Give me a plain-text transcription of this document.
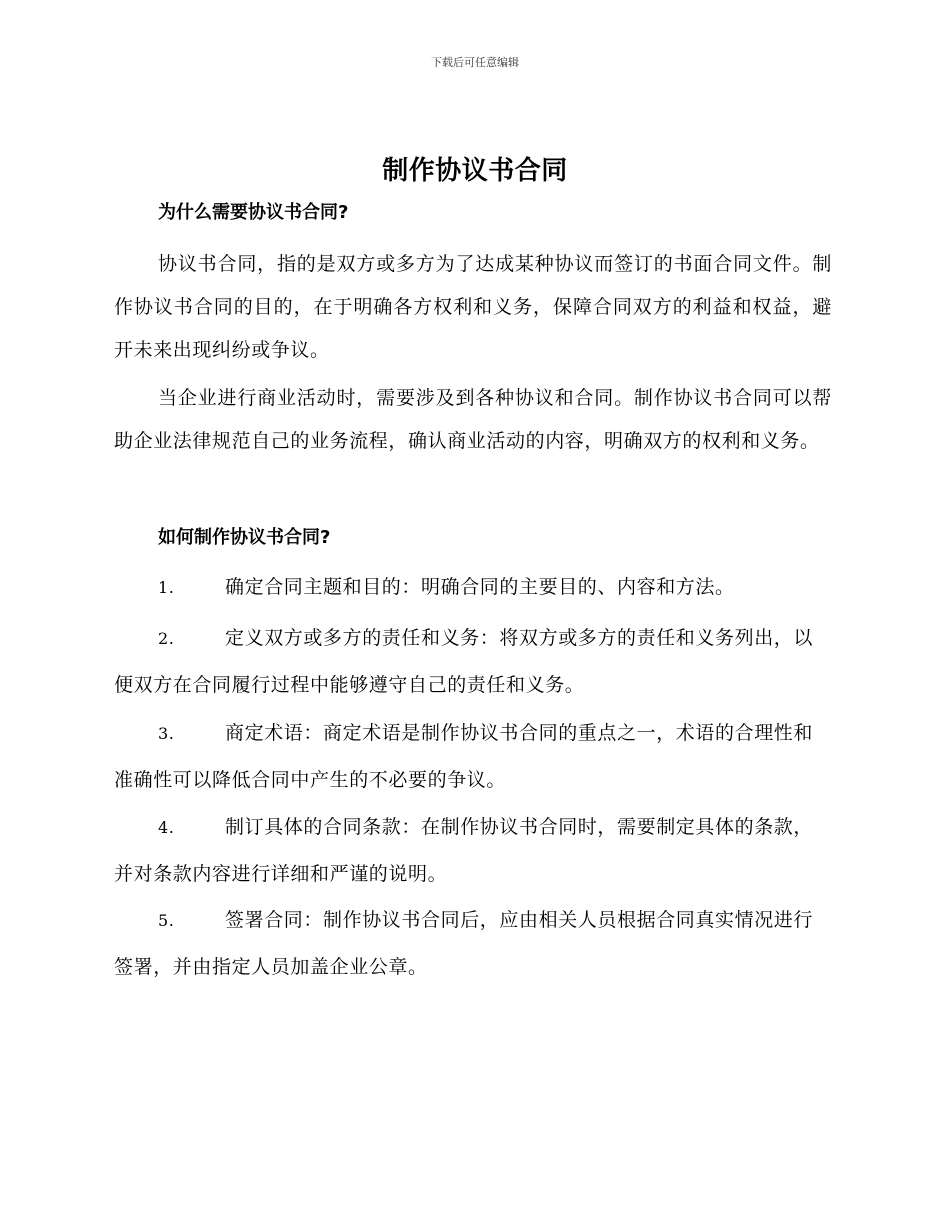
下载后可任意编辑
制作协议书合同
为什么需要协议书合同?
协议书合同，指的是双方或多方为了达成某种协议而签订的书面合同文件。制作协议书合同的目的，在于明确各方权利和义务，保障合同双方的利益和权益，避开未来出现纠纷或争议。
当企业进行商业活动时，需要涉及到各种协议和合同。制作协议书合同可以帮助企业法律规范自己的业务流程，确认商业活动的内容，明确双方的权利和义务。
如何制作协议书合同?
1.	确定合同主题和目的：明确合同的主要目的、内容和方法。
2.	定义双方或多方的责任和义务：将双方或多方的责任和义务列出，以便双方在合同履行过程中能够遵守自己的责任和义务。
3.	商定术语：商定术语是制作协议书合同的重点之一，术语的合理性和准确性可以降低合同中产生的不必要的争议。
4.	制订具体的合同条款：在制作协议书合同时，需要制定具体的条款，并对条款内容进行详细和严谨的说明。
5.	签署合同：制作协议书合同后，应由相关人员根据合同真实情况进行签署，并由指定人员加盖企业公章。
